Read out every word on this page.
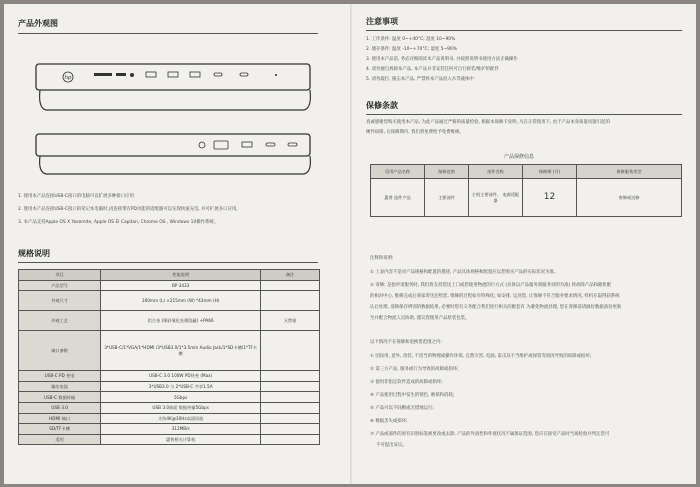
产品外观图
hp
1. 使用本产品连接USB-C接口的电脑可以扩展多种接口应用
2. 使用本产品连接USB-C接口的笔记本电脑时,再连接带有PD功能的适配器可以实现快速充电, 并可扩展多口应用。
3. 本产品支持Apple OS X Yosemite, Apple OS El Capitan, Chrome OS , Windows 10操作系统。
规格说明
项目	性能说明	备注
产品型号	BP 3433	
外观尺寸	300mm (L) ×215mm (W) *43mm (H)	
外观工艺	铝合金 (喷砂氧化处理隐蔽) +PA66	天然银
端口参数	3*USB-C/1*VGA/1*HDMI /3*USB3.0/1*3.5mm Audio Jack/1*SD卡槽/1*TF卡槽	
USB-C PD 充电	USB-C 3.0 100W PD快充 (Max)	
输出电流	3*USB3.0 与 2*USB-C 共享1.5A	
USB-C 数据传输	5Gbps	
USB 3.0	USB 3.0界面 数据传输5Gbps	
HDMI 端口	支持4K@30Hz高清回放	
SD/TF卡槽	312MB/s	
适用	惠普相关计算机	
注意事项
1. 工作条件: 温度 0~+40°C; 湿度 10~90%
2. 储存条件: 温度 -10~+70°C; 湿度 5~90%
3. 使用本产品前, 务必详细阅读本产品说明书, 并按照说明书使用方法正确操作
4. 请勿擅自拆卸本产品, 本产品并非安装任何可自行拆装/维护的配件
5. 请勿敲打, 撞击本产品, 严禁将本产品投入水等液体中
保修条款
真诚感谢您购买使用本产品, 为此产品通过严格的质量检验, 根据本保修卡说明, 凡在正常使用下, 由于产品本身质量问题引起的
硬件故障, 在保修期内, 我们将免费给予免费维修。
产品保修信息
适用产品名称	保修范围	部件名称	保修期 (月)	保修服务类型
惠普 选件产品	主要部件	主机主要部件、 电源适配器	12	寄修或送修
注释和说明:
① 上表内容不是对产品规格和配置的描述, 产品具体规格和配置应以您购买产品的实际状况为准。
② 寄修: 是指申请服务时, 我们将支持您送上门或您使用物流的行方式 (具体以产品服务商服务说明为准) 将故障产品和随机配
的相对中心, 维修完成后商家寄送还给您, 维修的过程如有特殊化; 如安排, 运送您, 让保修不符合服务要求情况, 样机在取得获系统
认后处理, 清除保存辨别的数据结果, 必要时您有义务配合我们进行相关的配套有 为避免物流处理, 您在寄修前请做好数据备份更新
至并配合物流人员协助, 建议您使用产品原装包装。
以下情况不在保修和退换货范围之内:
① 因误用, 意外, 改装, 不适当的物理或操作环境, 自然灾害, 电涌, 雷击及不当维护或保管等原因导致的故障或损坏;
② 第三方产品, 服务或行为导致的故障或损坏;
③ 使用非指定软件造成的故障或损坏;
④ 产品使用过程中发生的锈色, 磨损和消耗;
⑤ 产品可以不间断或无错地运行;
⑥ 数据丢失或损坏;
⑦ 产品或部件的原有识别标签被更改或去除, 产品的外备性和外观状况不属保证范围, 您应在接受产品时当场检验并判定您可
不可提出异议。
